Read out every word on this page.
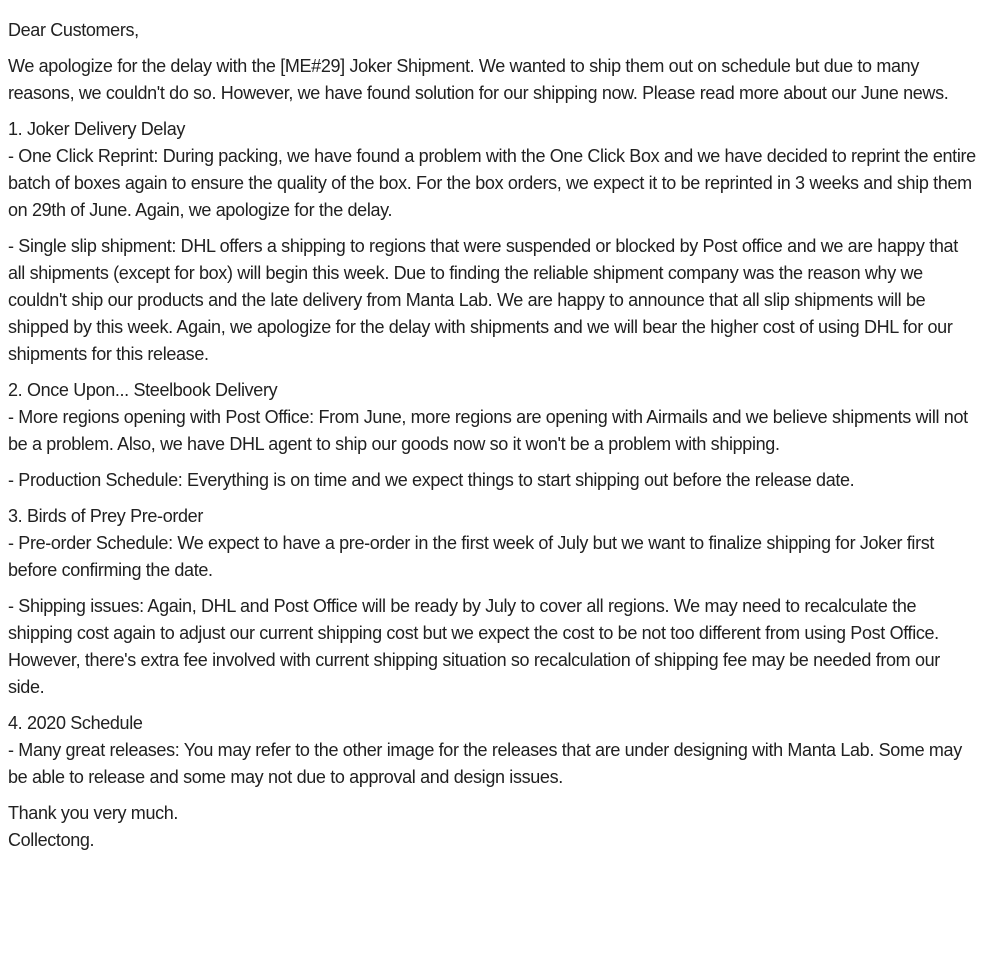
Dear Customers,

We apologize for the delay with the [ME#29] Joker Shipment. We wanted to ship them out on schedule but due to many reasons, we couldn't do so. However, we have found solution for our shipping now. Please read more about our June news.

1. Joker Delivery Delay

- One Click Reprint: During packing, we have found a problem with the One Click Box and we have decided to reprint the entire batch of boxes again to ensure the quality of the box. For the box orders, we expect it to be reprinted in 3 weeks and ship them on 29th of June. Again, we apologize for the delay.

- Single slip shipment: DHL offers a shipping to regions that were suspended or blocked by Post office and we are happy that all shipments (except for box) will begin this week. Due to finding the reliable shipment company was the reason why we couldn't ship our products and the late delivery from Manta Lab. We are happy to announce that all slip shipments will be shipped by this week. Again, we apologize for the delay with shipments and we will bear the higher cost of using DHL for our shipments for this release.

2. Once Upon... Steelbook Delivery

- More regions opening with Post Office: From June, more regions are opening with Airmails and we believe shipments will not be a problem. Also, we have DHL agent to ship our goods now so it won't be a problem with shipping.

- Production Schedule: Everything is on time and we expect things to start shipping out before the release date.

3. Birds of Prey Pre-order

- Pre-order Schedule: We expect to have a pre-order in the first week of July but we want to finalize shipping for Joker first before confirming the date.

- Shipping issues: Again, DHL and Post Office will be ready by July to cover all regions. We may need to recalculate the shipping cost again to adjust our current shipping cost but we expect the cost to be not too different from using Post Office. However, there's extra fee involved with current shipping situation so recalculation of shipping fee may be needed from our side.

4. 2020 Schedule

- Many great releases: You may refer to the other image for the releases that are under designing with Manta Lab. Some may be able to release and some may not due to approval and design issues.

Thank you very much.
Collectong.
